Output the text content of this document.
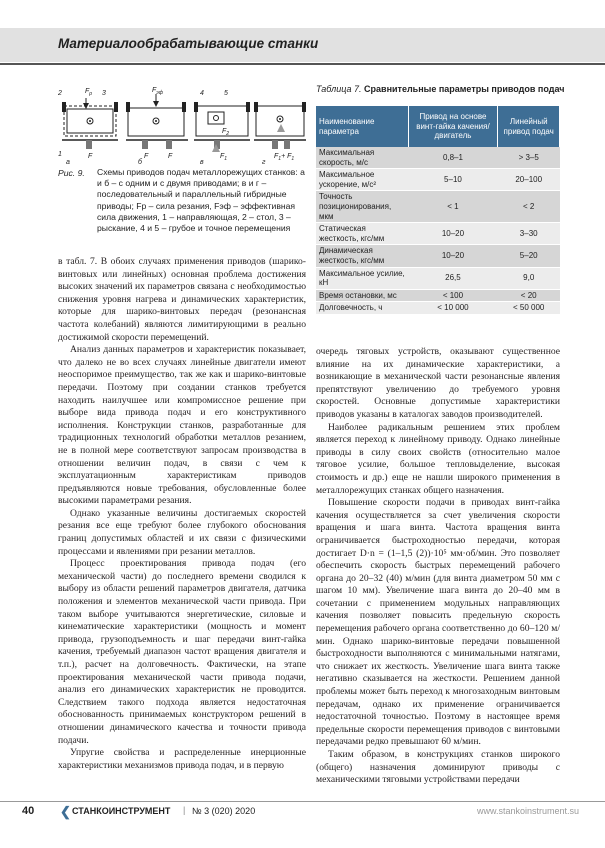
Материалообрабатывающие станки
2	$F_p$ 3
1
а
F
$F_{эф}$
б
F	F
4	5
$F_2$
в
$F_1$	г
$F_1+ F_1$
Рис. 9. Схемы приводов подач металлорежущих станков: а и б – с одним и с двумя приводами; в и г – последовательный и параллельный гибридные приводы; Fр – сила резания, Fэф – эффективная сила движения, 1 – направляющая, 2 – стол, 3 – рыскание, 4 и 5 – грубое и точное перемещения
Таблица 7. Сравнительные параметры приводов подач
Наименование параметра	Привод на основе винт-гайка качения/двигатель	Линейный привод подач
Максимальная скорость, м/с	0,8–1	> 3–5
Максимальное ускорение, м/с²	5–10	20–100
Точность позиционирования, мкм	< 1	< 2
Статическая жесткость, кгс/мм	10–20	3–30
Динамическая жесткость, кгс/мм	10–20	5–20
Максимальное усилие, кН	26,5	9,0
Время остановки, мс	< 100	< 20
Долговечность, ч	< 10 000	< 50 000

в табл. 7. В обоих случаях применения приводов (шарико-винтовых или линейных) основная проблема достижения высоких значений их параметров связана с необходимостью снижения уровня нагрева и динамических характеристик, которые для шарико-винтовых передач (резонансная частота колебаний) являются лимитирующими в реально достижимой скорости перемещений.

Анализ данных параметров и характеристик показывает, что далеко не во всех случаях линейные двигатели имеют неоспоримое преимущество, так же как и шарико-винтовые передачи. Поэтому при создании станков требуется находить наилучшее или компромиссное решение при выборе вида привода подач и его конструктивного исполнения. Конструкции станков, разработанные для традиционных технологий обработки металлов резанием, не в полной мере соответствуют запросам производства в отношении величин подач, в связи с чем к эксплуатационным характеристикам приводов предъявляются новые требования, обусловленные более высокими параметрами резания.

Однако указанные величины достигаемых скоростей резания все еще требуют более глубокого обоснования границ допустимых областей и их связи с физическими процессами и явлениями при резании металлов.

Процесс проектирования привода подач (его механической части) до последнего времени сводился к выбору из области решений параметров двигателя, датчика положения и элементов механической части привода. При таком выборе учитываются энергетические, силовые и кинематические характеристики (мощность и момент привода, грузоподъемность и шаг передачи винт-гайка качения, требуемый диапазон частот вращения двигателя и т.п.), расчет на долговечность. Фактически, на этапе проектирования механической части привода подачи, анализ его динамических характеристик не проводится. Следствием такого подхода является недостаточная обоснованность принимаемых конструктором решений в отношении динамического качества и точности привода подачи.

Упругие свойства и распределенные инерционные характеристики механизмов привода подач, и в первую

очередь тяговых устройств, оказывают существенное влияние на их динамические характеристики, а возникающие в механической части резонансные явления препятствуют увеличению до требуемого уровня скоростей. Основные допустимые характеристики приводов указаны в каталогах заводов производителей.

Наиболее радикальным решением этих проблем является переход к линейному приводу. Однако линейные приводы в силу своих свойств (относительно малое тяговое усилие, большое тепловыделение, высокая стоимость и др.) еще не нашли широкого применения в металлорежущих станках общего назначения.

Повышение скорости подачи в приводах винт-гайка качения осуществляется за счет увеличения скорости вращения и шага винта. Частота вращения винта ограничивается быстроходностью передачи, которая достигает D·n = (1–1,5 (2))·10⁵ мм·об/мин. Это позволяет обеспечить скорость быстрых перемещений рабочего органа до 20–32 (40) м/мин (для винта диаметром 50 мм с шагом 10 мм). Увеличение шага винта до 20–40 мм в сочетании с применением модульных направляющих качения позволяет повысить предельную скорость перемещения рабочего органа соответственно до 60–120 м/мин. Однако шарико-винтовые передачи повышенной быстроходности выполняются с минимальными натягами, что снижает их жесткость. Увеличение шага винта также негативно сказывается на жесткости. Решением данной проблемы может быть переход к многозаходным винтовым передачам, однако их применение ограничивается недостаточной точностью. Поэтому в настоящее время предельные скорости перемещения приводов с винтовыми передачами редко превышают 60 м/мин.

Таким образом, в конструкциях станков широкого (общего) назначения доминируют приводы с механическими тяговыми устройствами передачи

40 ❮ СТАНКОИНСТРУМЕНТ | № 3 (020) 2020	www.stankoinstrument.su
